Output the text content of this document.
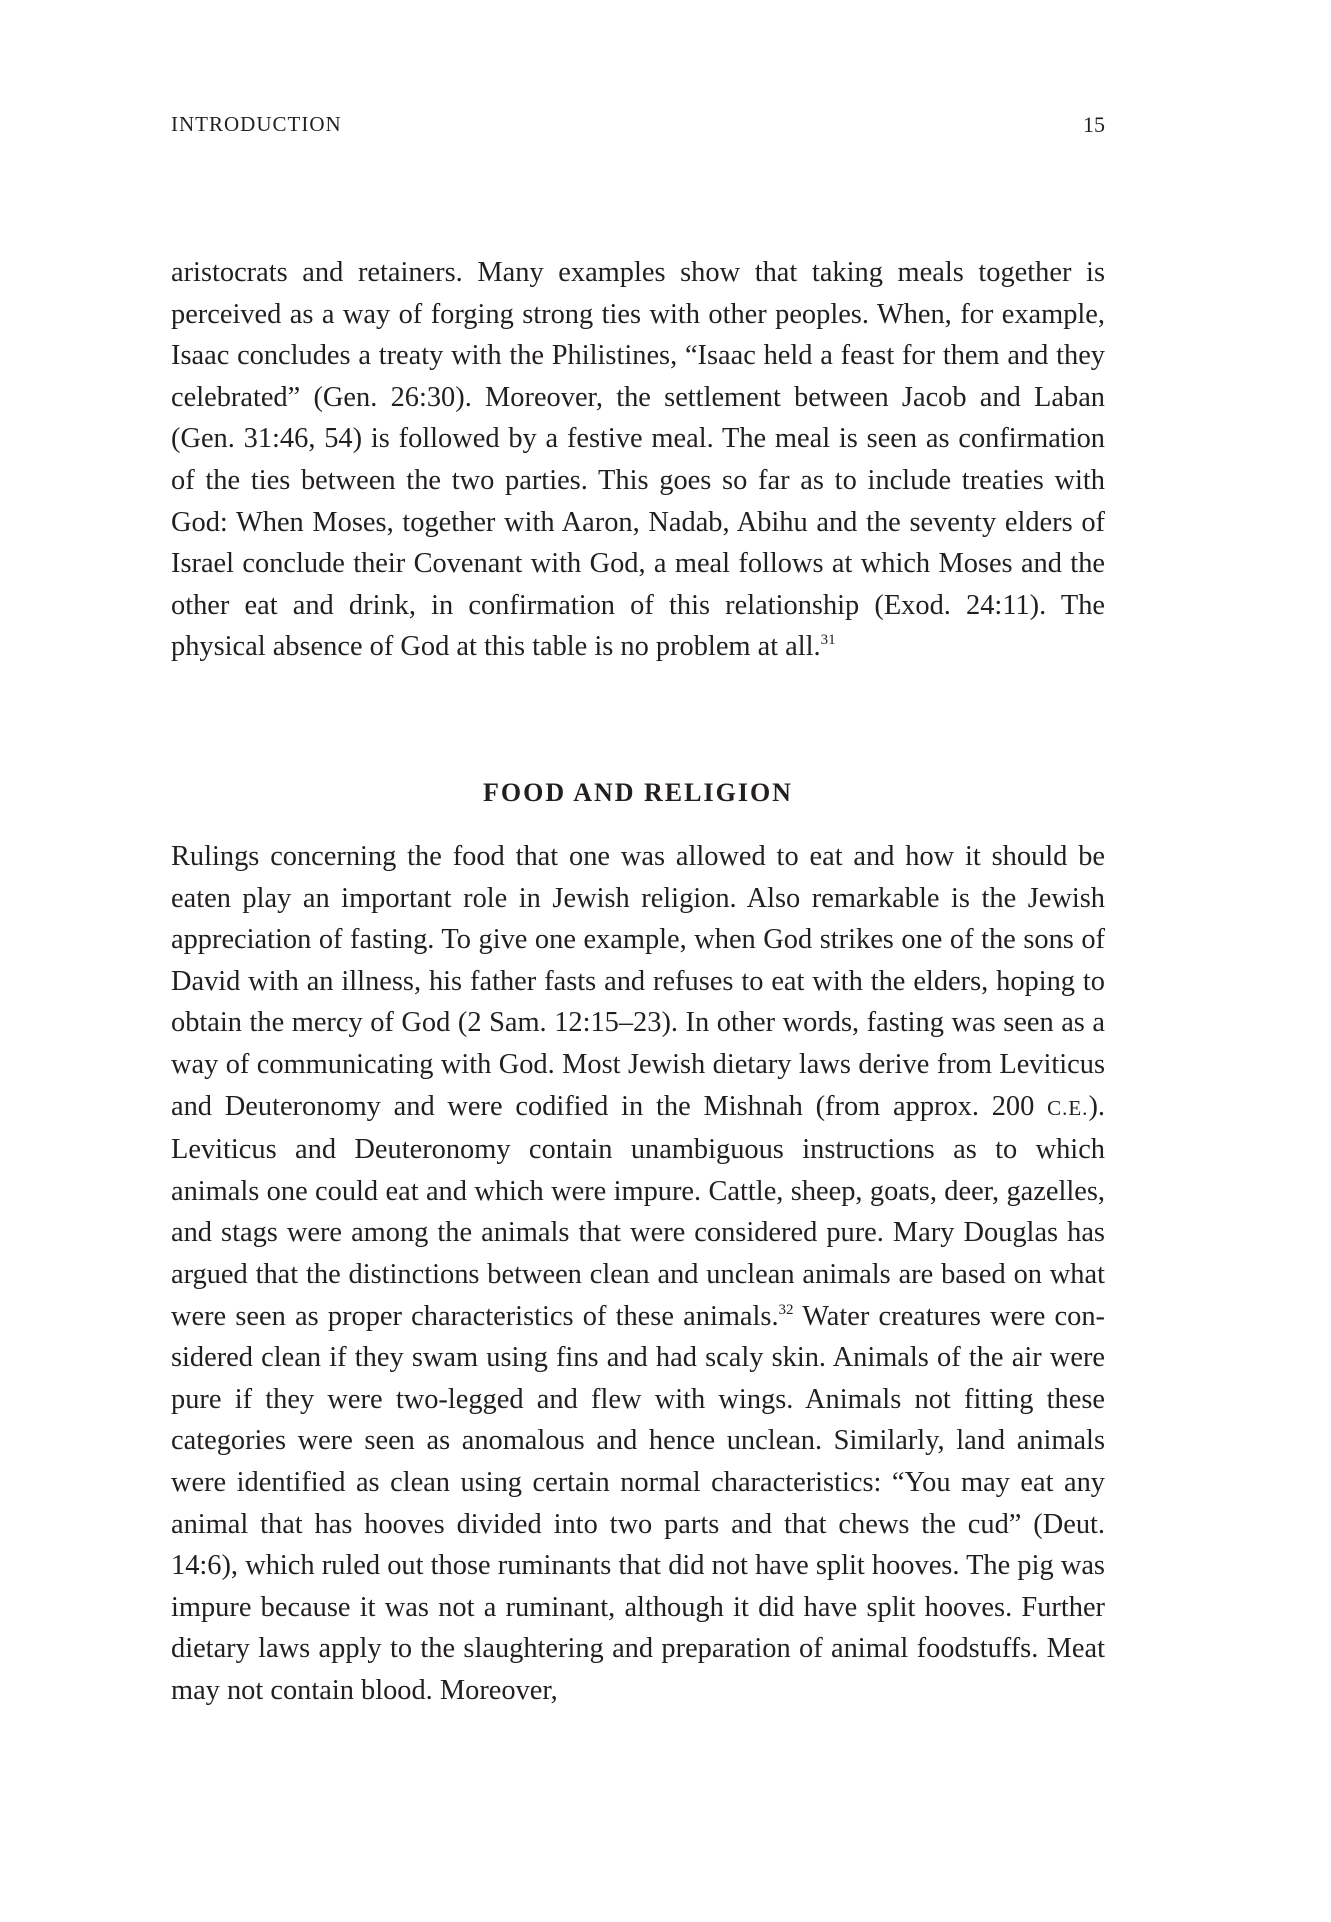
INTRODUCTION	15

aristocrats and retainers. Many examples show that taking meals together is perceived as a way of forging strong ties with other peoples. When, for example, Isaac concludes a treaty with the Philistines, “Isaac held a feast for them and they celebrated” (Gen. 26:30). Moreover, the settlement between Jacob and Laban (Gen. 31:46, 54) is followed by a festive meal. The meal is seen as confirmation of the ties between the two parties. This goes so far as to include treaties with God: When Moses, together with Aaron, Nadab, Abihu and the seventy elders of Israel conclude their Covenant with God, a meal follows at which Moses and the other eat and drink, in confirmation of this relationship (Exod. 24:11). The physical absence of God at this table is no problem at all.$^{31}$

FOOD AND RELIGION

Rulings concerning the food that one was allowed to eat and how it should be eaten play an important role in Jewish religion. Also remarkable is the Jewish appreciation of fasting. To give one example, when God strikes one of the sons of David with an illness, his father fasts and refuses to eat with the elders, hoping to obtain the mercy of God (2 Sam. 12:15–23). In other words, fasting was seen as a way of communicating with God. Most Jewish dietary laws derive from Leviticus and Deuteronomy and were codified in the Mishnah (from approx. 200 C.E.). Leviticus and Deuteronomy contain unambiguous instructions as to which animals one could eat and which were impure. Cattle, sheep, goats, deer, gazelles, and stags were among the animals that were considered pure. Mary Douglas has argued that the distinctions between clean and unclean animals are based on what were seen as proper characteristics of these animals.$^{32}$ Water creatures were considered clean if they swam using fins and had scaly skin. Animals of the air were pure if they were two-legged and flew with wings. Animals not fitting these categories were seen as anomalous and hence unclean. Similarly, land animals were identified as clean using certain normal characteristics: “You may eat any animal that has hooves divided into two parts and that chews the cud” (Deut. 14:6), which ruled out those ruminants that did not have split hooves. The pig was impure because it was not a ruminant, although it did have split hooves. Further dietary laws apply to the slaughtering and preparation of animal foodstuffs. Meat may not contain blood. Moreover,
